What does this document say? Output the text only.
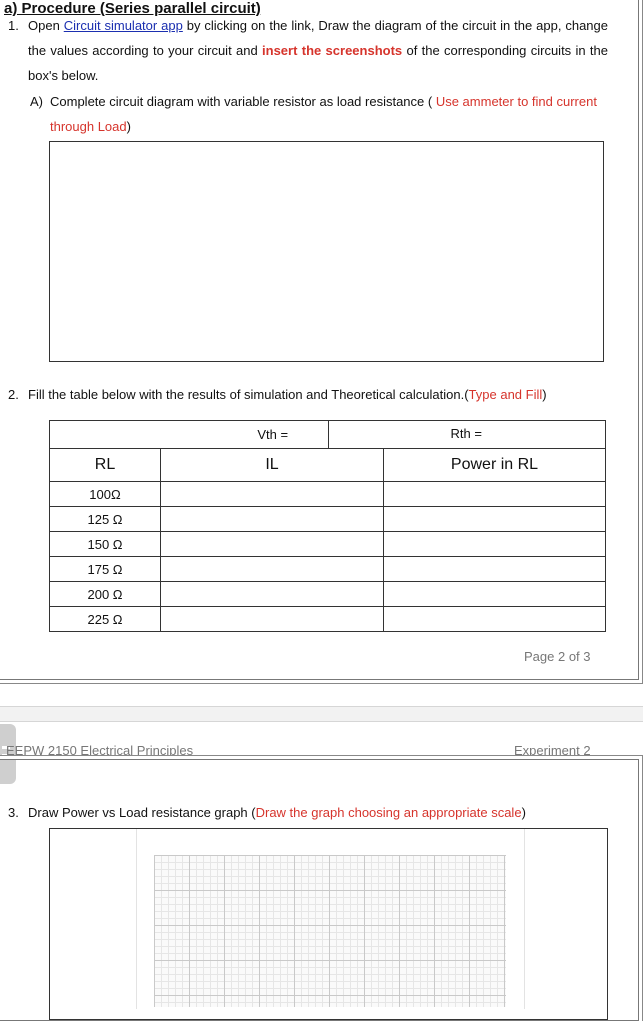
a) Procedure (Series parallel circuit)
1. Open Circuit simulator app by clicking on the link, Draw the diagram of the circuit in the app, change the values according to your circuit and insert the screenshots of the corresponding circuits in the box's below.
A) Complete circuit diagram with variable resistor as load resistance ( Use ammeter to find current through Load)
2. Fill the table below with the results of simulation and Theoretical calculation.(Type and Fill)
Vth =		Rth =

RL	IL	Power in RL
100Ω		
125 Ω		
150 Ω		
175 Ω		
200 Ω		
225 Ω		
Page 2 of 3
EEPW 2150 Electrical Principles	Experiment 2
3. Draw Power vs Load resistance graph (Draw the graph choosing an appropriate scale)
